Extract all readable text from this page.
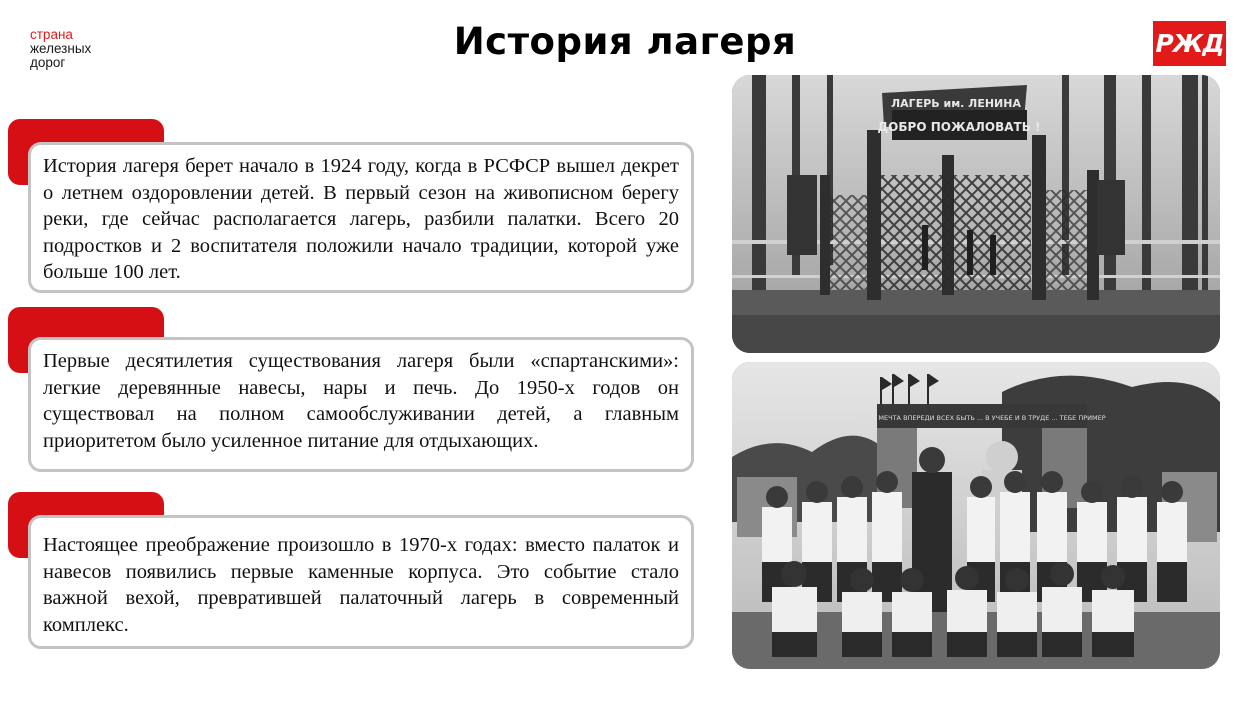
страна
железных
дорог	История лагеря	РЖД
История лагеря берет начало в 1924 году, когда в РСФСР вышел декрет о летнем оздоровлении детей. В первый сезон на живописном берегу реки, где сейчас располагается лагерь, разбили палатки. Всего 20 подростков и 2 воспитателя положили начало традиции, которой уже больше 100 лет.
Первые десятилетия существования лагеря были «спартанскими»: легкие деревянные навесы, нары и печь. До 1950-х годов он существовал на полном самообслуживании детей, а главным приоритетом было усиленное питание для отдыхающих.
Настоящее преображение произошло в 1970-х годах: вместо палаток и навесов появились первые каменные корпуса. Это событие стало важной вехой, превратившей палаточный лагерь в современный комплекс.
ЛАГЕРЬ им. ЛЕНИНА
ДОБРО ПОЖАЛОВАТЬ !
ЧТОБ МЕЧТА ВПЕРЕДИ ВСЕХ БЫТЬ ... В УЧЕБЕ И В ТРУДЕ ... ТЕБЕ ПРИМЕР
